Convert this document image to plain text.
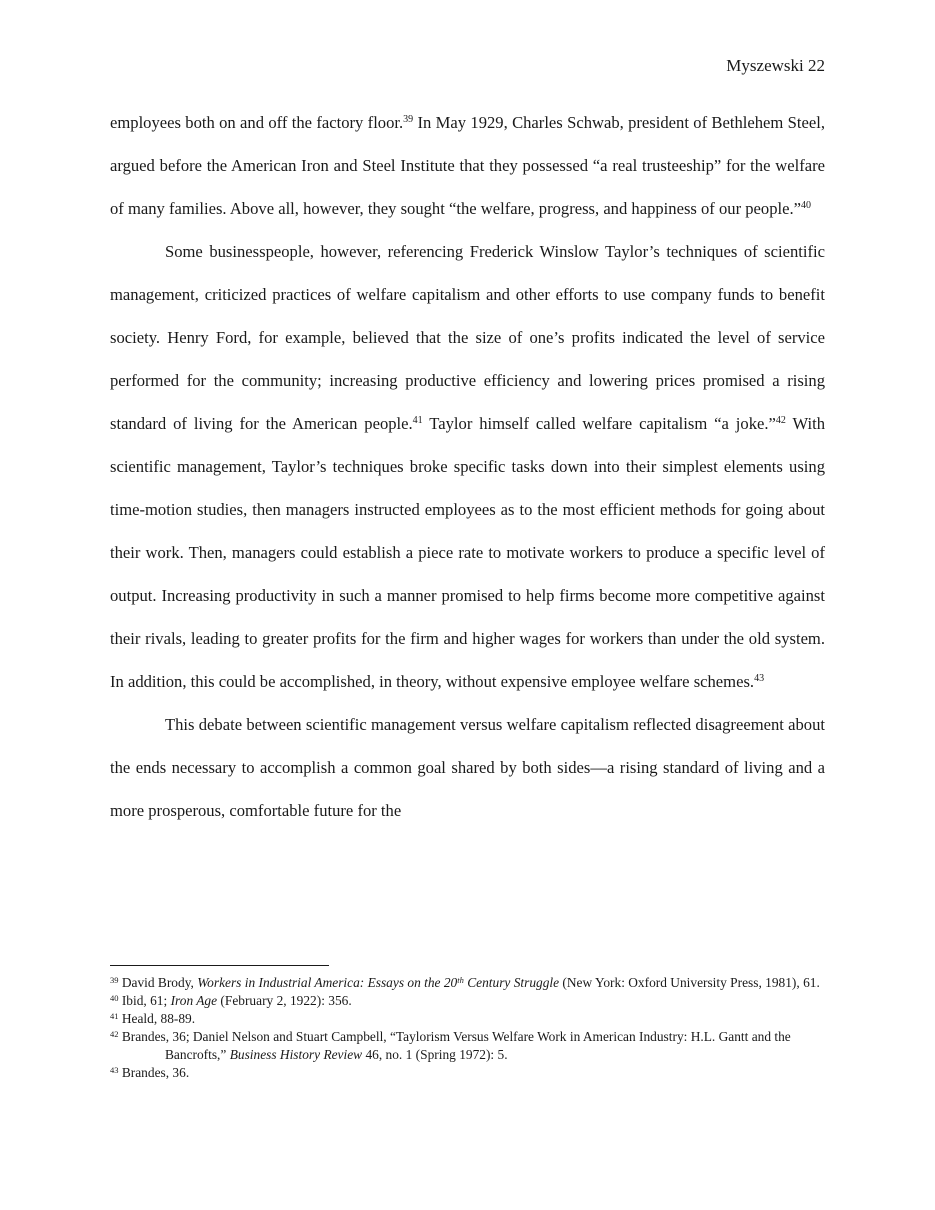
Myszewski 22

employees both on and off the factory floor.$^{39}$ In May 1929, Charles Schwab, president of Bethlehem Steel, argued before the American Iron and Steel Institute that they possessed “a real trusteeship” for the welfare of many families. Above all, however, they sought “the welfare, progress, and happiness of our people.”$^{40}$

Some businesspeople, however, referencing Frederick Winslow Taylor’s techniques of scientific management, criticized practices of welfare capitalism and other efforts to use company funds to benefit society. Henry Ford, for example, believed that the size of one’s profits indicated the level of service performed for the community; increasing productive efficiency and lowering prices promised a rising standard of living for the American people.$^{41}$ Taylor himself called welfare capitalism “a joke.”$^{42}$ With scientific management, Taylor’s techniques broke specific tasks down into their simplest elements using time-motion studies, then managers instructed employees as to the most efficient methods for going about their work. Then, managers could establish a piece rate to motivate workers to produce a specific level of output. Increasing productivity in such a manner promised to help firms become more competitive against their rivals, leading to greater profits for the firm and higher wages for workers than under the old system. In addition, this could be accomplished, in theory, without expensive employee welfare schemes.$^{43}$

This debate between scientific management versus welfare capitalism reflected disagreement about the ends necessary to accomplish a common goal shared by both sides—a rising standard of living and a more prosperous, comfortable future for the

$^{39}$ David Brody, Workers in Industrial America: Essays on the 20th Century Struggle (New York: Oxford University Press, 1981), 61.

$^{40}$ Ibid, 61; Iron Age (February 2, 1922): 356.

$^{41}$ Heald, 88-89.

$^{42}$ Brandes, 36; Daniel Nelson and Stuart Campbell, “Taylorism Versus Welfare Work in American Industry: H.L. Gantt and the Bancrofts,” Business History Review 46, no. 1 (Spring 1972): 5.

$^{43}$ Brandes, 36.
